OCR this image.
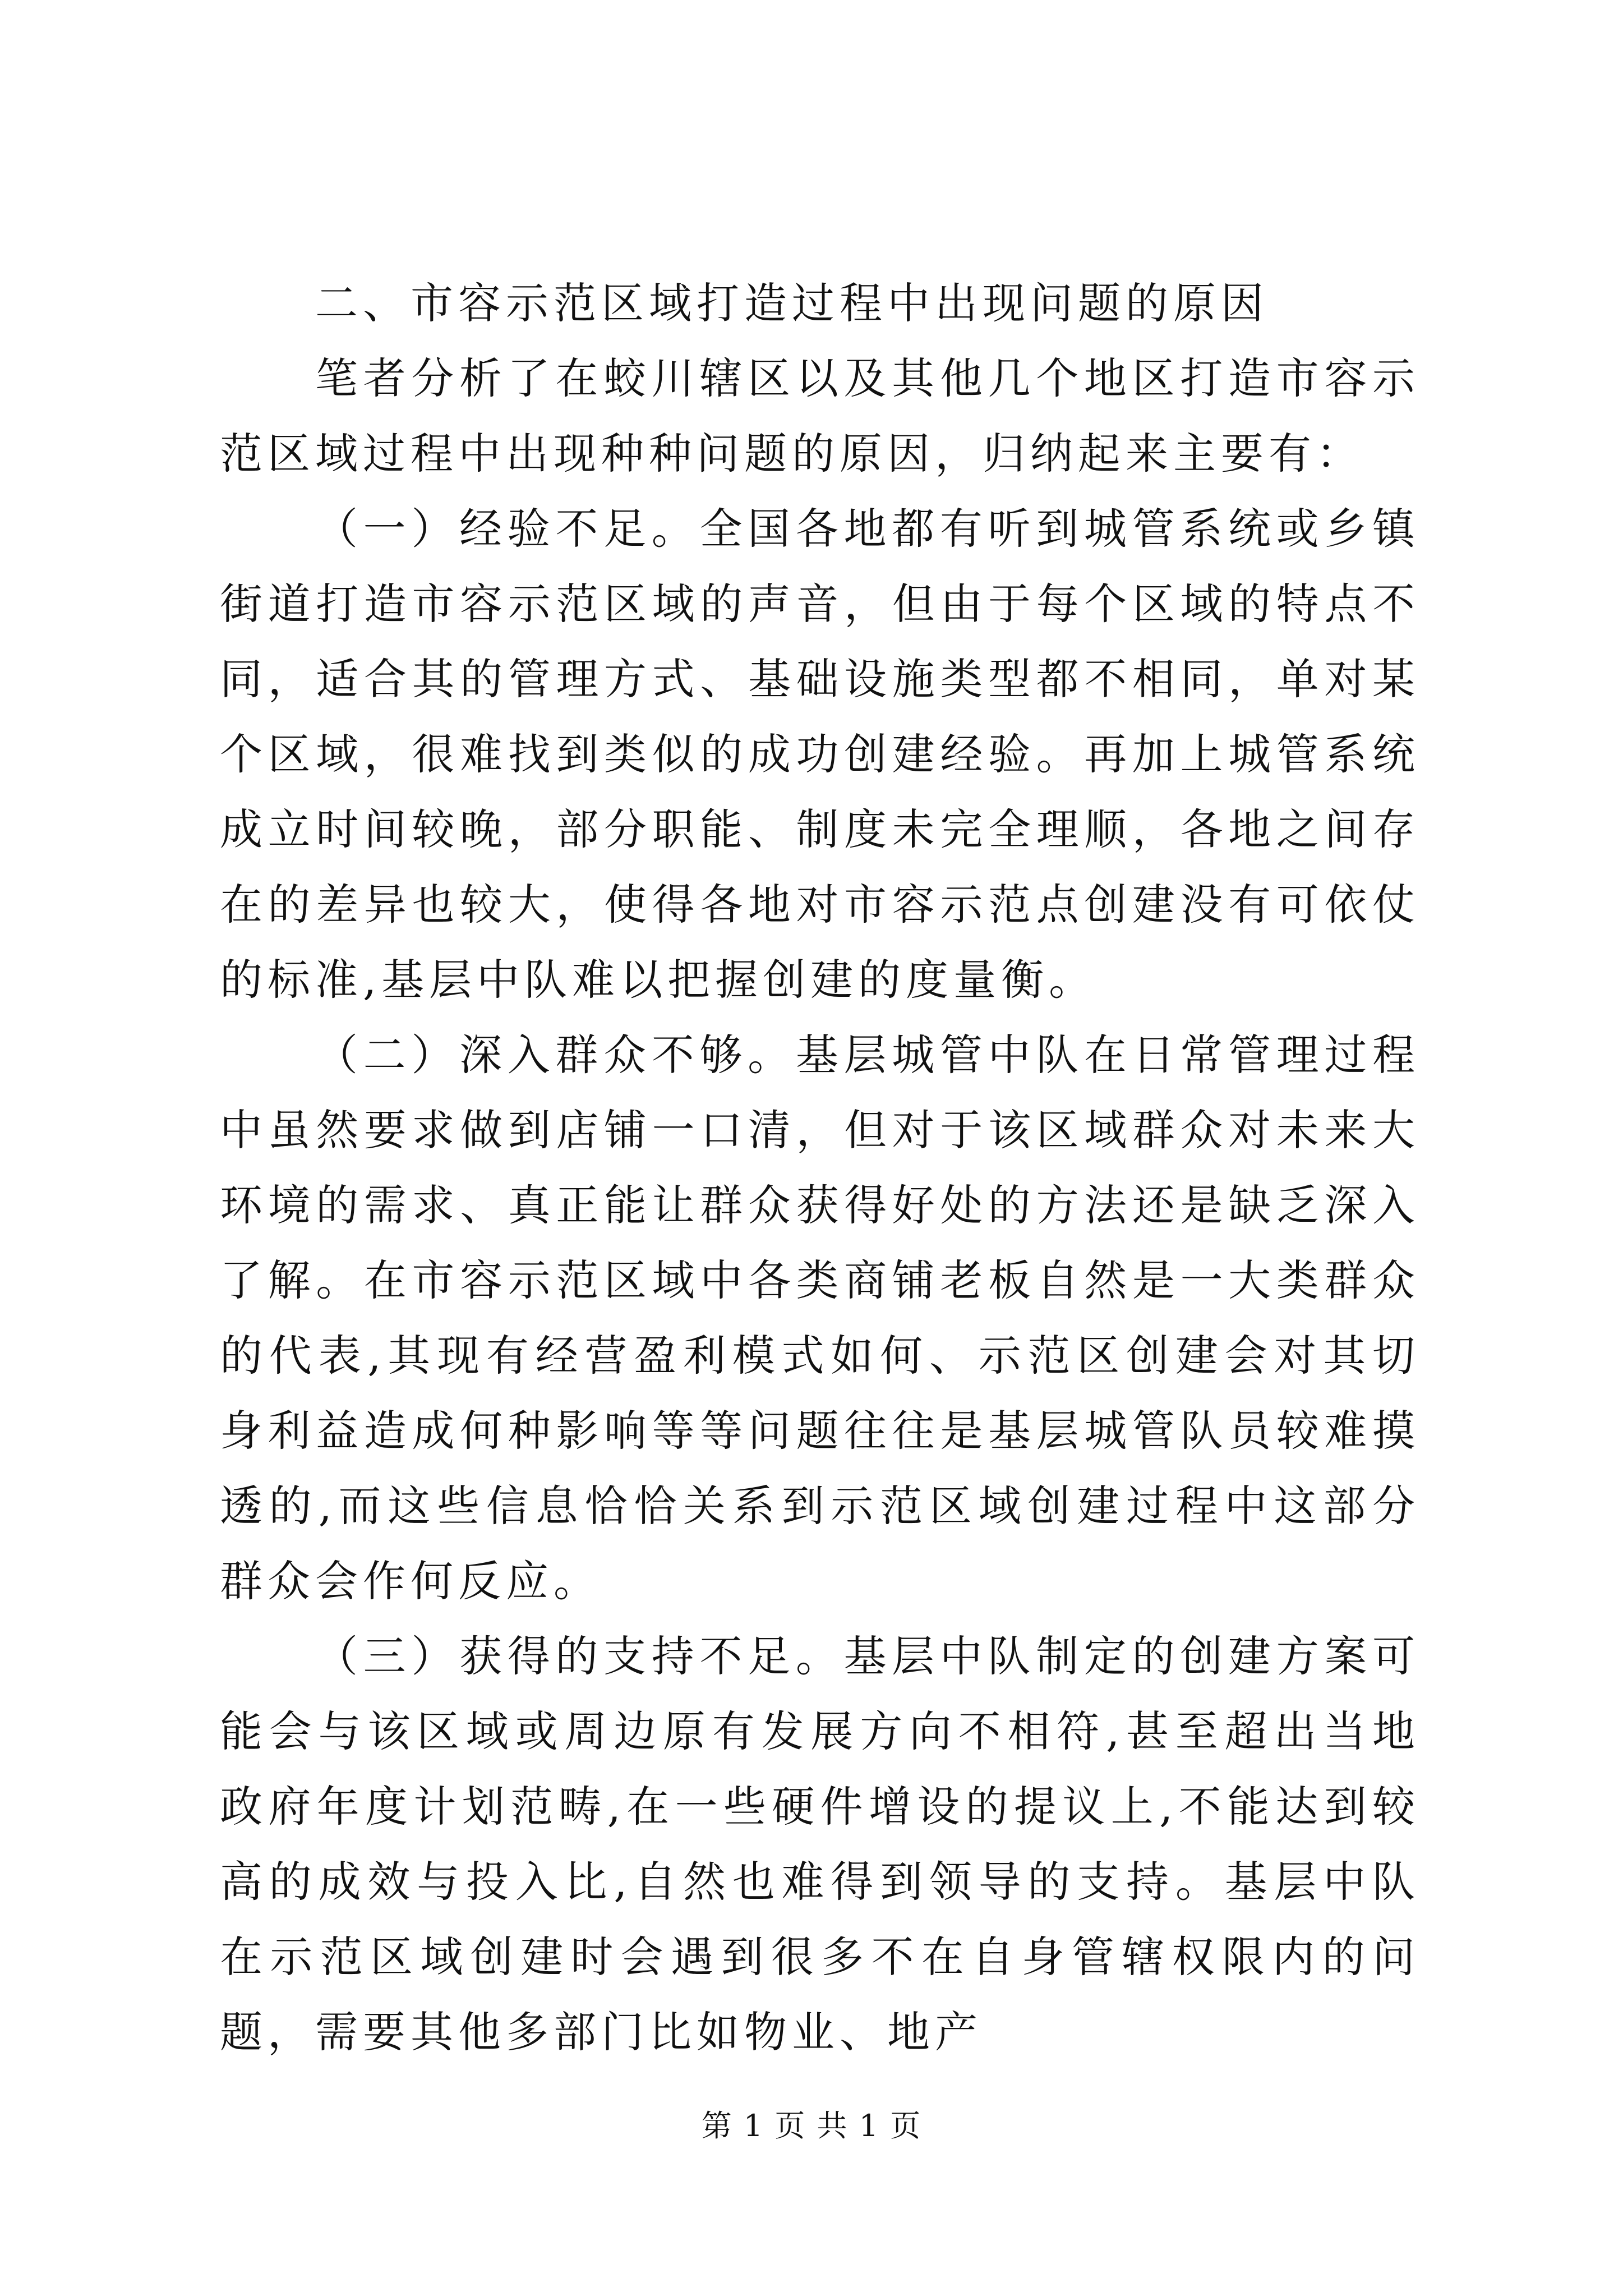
二、市容示范区域打造过程中出现问题的原因

笔者分析了在蛟川辖区以及其他几个地区打造市容示范区域过程中出现种种问题的原因，归纳起来主要有：

（一）经验不足。全国各地都有听到城管系统或乡镇街道打造市容示范区域的声音，但由于每个区域的特点不同，适合其的管理方式、基础设施类型都不相同，单对某个区域，很难找到类似的成功创建经验。再加上城管系统成立时间较晚，部分职能、制度未完全理顺，各地之间存在的差异也较大，使得各地对市容示范点创建没有可依仗的标准,基层中队难以把握创建的度量衡。

（二）深入群众不够。基层城管中队在日常管理过程中虽然要求做到店铺一口清，但对于该区域群众对未来大环境的需求、真正能让群众获得好处的方法还是缺乏深入了解。在市容示范区域中各类商铺老板自然是一大类群众的代表,其现有经营盈利模式如何、示范区创建会对其切身利益造成何种影响等等问题往往是基层城管队员较难摸透的,而这些信息恰恰关系到示范区域创建过程中这部分群众会作何反应。

（三）获得的支持不足。基层中队制定的创建方案可能会与该区域或周边原有发展方向不相符,甚至超出当地政府年度计划范畴,在一些硬件增设的提议上,不能达到较高的成效与投入比,自然也难得到领导的支持。基层中队在示范区域创建时会遇到很多不在自身管辖权限内的问题，需要其他多部门比如物业、地产

第 1 页 共 1 页
